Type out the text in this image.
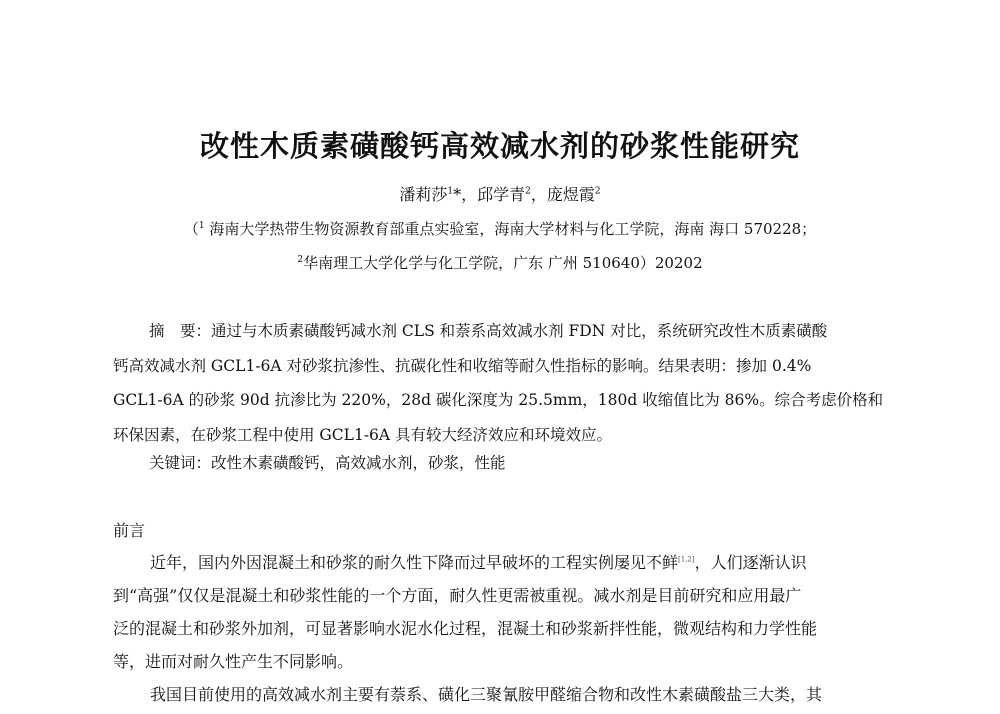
改性木质素磺酸钙高效减水剂的砂浆性能研究
潘莉莎$^1$*，邱学青$^2$，庞煜霞$^2$
（$^1$ 海南大学热带生物资源教育部重点实验室，海南大学材料与化工学院，海南 海口 570228；
$^2$华南理工大学化学与化工学院，广东 广州 510640）20202

摘　要：通过与木质素磺酸钙减水剂 CLS 和萘系高效减水剂 FDN 对比，系统研究改性木质素磺酸

钙高效减水剂 GCL1-6A 对砂浆抗渗性、抗碳化性和收缩等耐久性指标的影响。结果表明：掺加 0.4%

GCL1-6A 的砂浆 90d 抗渗比为 220%，28d 碳化深度为 25.5mm，180d 收缩值比为 86%。综合考虑价格和

环保因素，在砂浆工程中使用 GCL1-6A 具有较大经济效应和环境效应。

关键词：改性木素磺酸钙，高效减水剂，砂浆，性能

前言

近年，国内外因混凝土和砂浆的耐久性下降而过早破坏的工程实例屡见不鲜[1,2]，人们逐渐认识

到“高强”仅仅是混凝土和砂浆性能的一个方面，耐久性更需被重视。减水剂是目前研究和应用最广

泛的混凝土和砂浆外加剂，可显著影响水泥水化过程，混凝土和砂浆新拌性能，微观结构和力学性能

等，进而对耐久性产生不同影响。

我国目前使用的高效减水剂主要有萘系、磺化三聚氰胺甲醛缩合物和改性木素磺酸盐三大类，其
